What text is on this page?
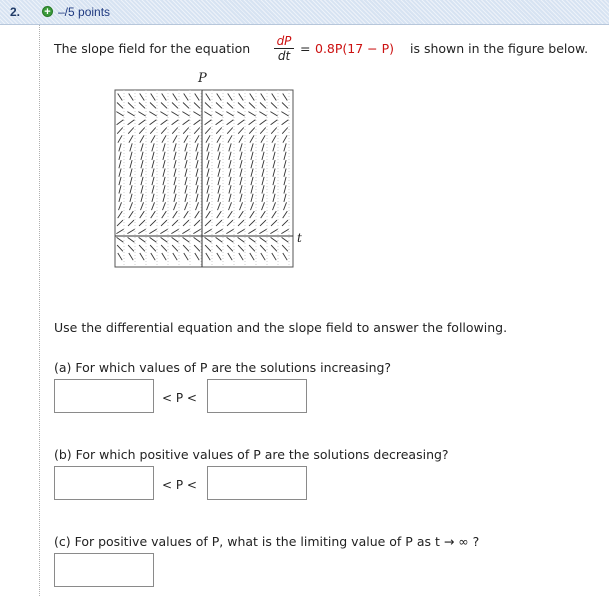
2. + –/5 points
The slope field for the equation dP
dt = 0.8P(17 − P) is shown in the figure below.
P
t
Use the differential equation and the slope field to answer the following.
(a) For which values of P are the solutions increasing?
< P <
(b) For which positive values of P are the solutions decreasing?
< P <
(c) For positive values of P, what is the limiting value of P as t → ∞ ?
